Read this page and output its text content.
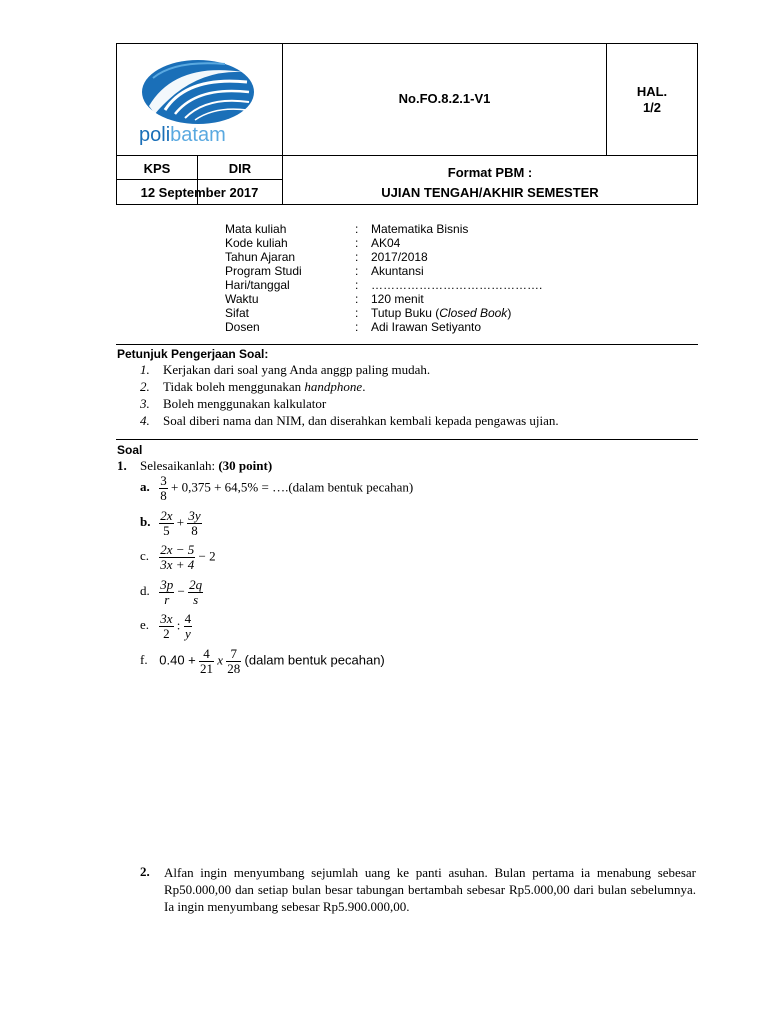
polibatam
No.FO.8.2.1-V1	HAL.
1/2
KPS	DIR
12 September 2017
Format PBM :
UJIAN TENGAH/AKHIR SEMESTER
Mata kuliah	:	Matematika Bisnis
Kode kuliah	:	AK04
Tahun Ajaran	:	2017/2018
Program Studi	:	Akuntansi
Hari/tanggal	:	…………………………………….
Waktu	:	120 menit
Sifat	:	Tutup Buku (Closed Book)
Dosen	:	Adi Irawan Setiyanto
Petunjuk Pengerjaan Soal:
1. Kerjakan dari soal yang Anda anggp paling mudah.
2. Tidak boleh menggunakan handphone.
3. Boleh menggunakan kalkulator
4. Soal diberi nama dan NIM, dan diserahkan kembali kepada pengawas ujian.
Soal
1. Selesaikanlah: (30 point)
a. $\frac{3}{8} + 0,375 + 64,5\%$ = ….(dalam bentuk pecahan)
b. $\frac{2x}{5} + \frac{3y}{8}$
c. $\frac{2x - 5}{3x + 4} - 2$
d. $\frac{3p}{r} - \frac{2q}{s}$
e. $\frac{3x}{2}$ : $\frac{4}{y}$
f. $0.40 + \frac{4}{21}$ x $\frac{7}{28}$ (dalam bentuk pecahan)
2. Alfan ingin menyumbang sejumlah uang ke panti asuhan. Bulan pertama ia menabung sebesar Rp50.000,00 dan setiap bulan besar tabungan bertambah sebesar Rp5.000,00 dari bulan sebelumnya. Ia ingin menyumbang sebesar Rp5.900.000,00.
